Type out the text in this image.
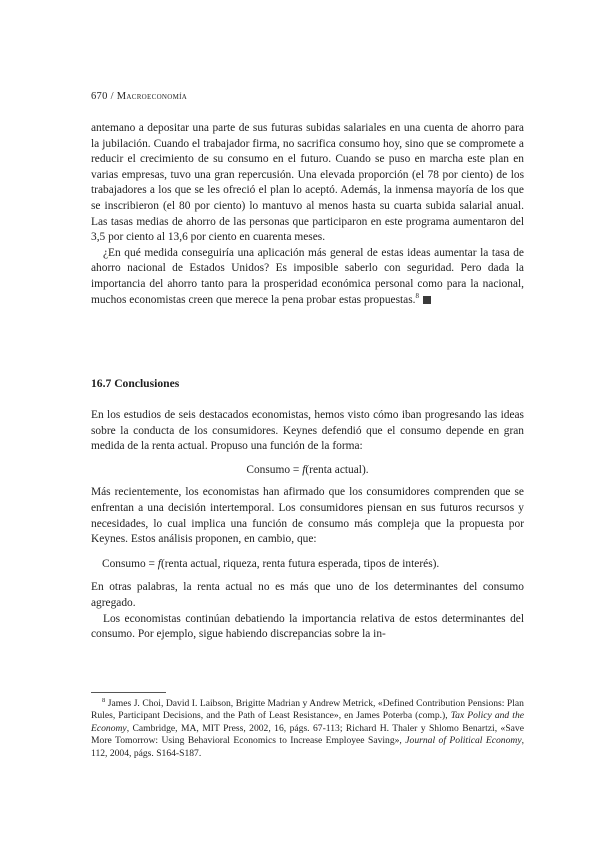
670 / Macroeconomía

antemano a depositar una parte de sus futuras subidas salariales en una cuenta de ahorro para la jubilación. Cuando el trabajador firma, no sacrifica consumo hoy, sino que se compromete a reducir el crecimiento de su consumo en el futuro. Cuando se puso en marcha este plan en varias empresas, tuvo una gran repercusión. Una elevada proporción (el 78 por ciento) de los trabajadores a los que se les ofreció el plan lo aceptó. Además, la inmensa mayoría de los que se inscribieron (el 80 por ciento) lo mantuvo al menos hasta su cuarta subida salarial anual. Las tasas medias de ahorro de las personas que participaron en este programa aumentaron del 3,5 por ciento al 13,6 por ciento en cuarenta meses.

¿En qué medida conseguiría una aplicación más general de estas ideas aumentar la tasa de ahorro nacional de Estados Unidos? Es imposible saberlo con seguridad. Pero dada la importancia del ahorro tanto para la prosperidad económica personal como para la nacional, muchos economistas creen que merece la pena probar estas propuestas.$^8$

16.7 Conclusiones

En los estudios de seis destacados economistas, hemos visto cómo iban progresando las ideas sobre la conducta de los consumidores. Keynes defendió que el consumo depende en gran medida de la renta actual. Propuso una función de la forma:

Consumo = f(renta actual).

Más recientemente, los economistas han afirmado que los consumidores comprenden que se enfrentan a una decisión intertemporal. Los consumidores piensan en sus futuros recursos y necesidades, lo cual implica una función de consumo más compleja que la propuesta por Keynes. Estos análisis proponen, en cambio, que:

Consumo = f(renta actual, riqueza, renta futura esperada, tipos de interés).

En otras palabras, la renta actual no es más que uno de los determinantes del consumo agregado.

Los economistas continúan debatiendo la importancia relativa de estos determinantes del consumo. Por ejemplo, sigue habiendo discrepancias sobre la in-

$^8$ James J. Choi, David I. Laibson, Brigitte Madrian y Andrew Metrick, «Defined Contribution Pensions: Plan Rules, Participant Decisions, and the Path of Least Resistance», en James Poterba (comp.), Tax Policy and the Economy, Cambridge, MA, MIT Press, 2002, 16, págs. 67-113; Richard H. Thaler y Shlomo Benartzi, «Save More Tomorrow: Using Behavioral Economics to Increase Employee Saving», Journal of Political Economy, 112, 2004, págs. S164-S187.
